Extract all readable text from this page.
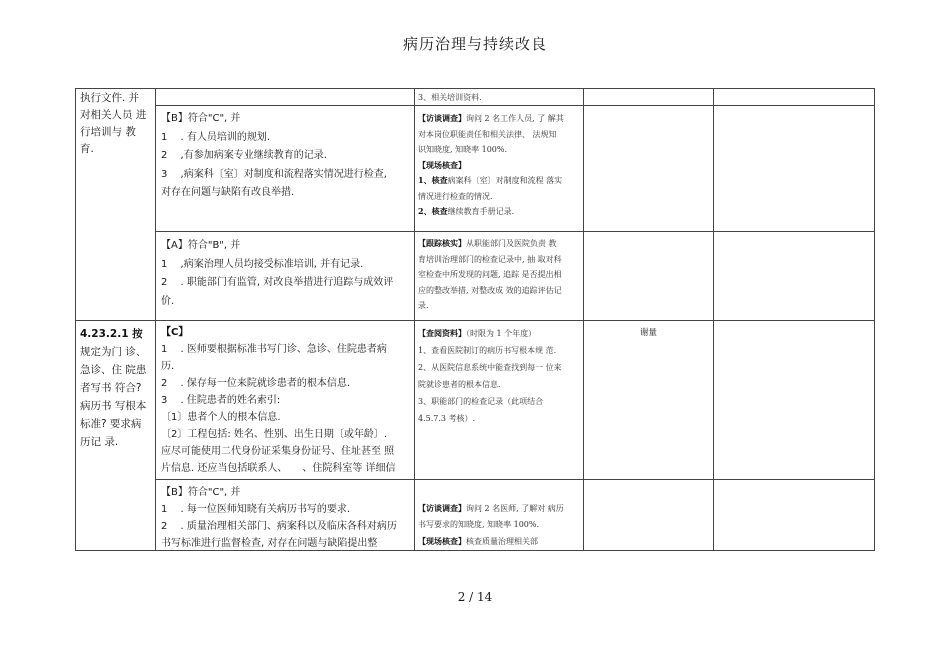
病历治理与持续改良
执行文件. 并
对相关人员 进
行培训与 教
育.
3、相关培训资料.
【B】符合"C", 并
1 　. 有人员培训的规划.
2 　,有参加病案专业继续教育的记录.
3 　,病案科〔室〕对制度和流程落实情况进行检查,
对存在问题与缺陷有改良举措.
【访谈调查】询问 2 名工作人员, 了 解其
对本岗位职能责任和相关法律、 法规知
识知晓度, 知晓率 100%.
【现场核查】
1、核查病案科〔室〕对制度和流程 落实
情况进行检查的情况.
2、核查继续教育手册记录.
【A】符合"B", 并
1 　,病案治理人员均接受标准培训, 并有记录.
2 　. 职能部门有监管, 对改良举措进行追踪与成效评
价.
【跟踪核实】从职能部门及医院负责 教
育培训治理部门的检查记录中, 抽 取对科
室检查中所发现的问题, 追踪 是否提出相
应的整改举措, 对整改成 效的追踪评估记
录.
4.23.2.1 按
规定为门 诊、
急诊、住 院患
者写书 符合?
病历书 写根本
标准? 要求病
历记 录.
【C】
1 　. 医师要根据标准书写门诊、急诊、住院患者病
历.
2 　. 保存每一位来院就诊患者的根本信息.
3 　. 住院患者的姓名索引:
〔1〕患者个人的根本信息.
〔2〕工程包括: 姓名、性别、出生日期〔或年龄〕.
应尽可能使用二代身份证采集身份证号、住址甚至 照
片信息. 还应当包括联系人、　　、住院科室等 详细信
【查阅资料】（时限为 1 个年度）
1、查看医院制订的病历书写根本规 范.
2、从医院信息系统中能查找到每一 位来
院就诊患者的根本信息.
3、职能部门的检查记录（此项结合
4.5.7.3 考核）.
谢量
【B】符合"C", 并
1 　. 每一位医师知晓有关病历书写的要求.
2 　. 质量治理相关部门、病案科以及临床各科对病历
书写标准进行监督检查, 对存在问题与缺陷提出整
【访谈调查】询问 2 名医师, 了解对 病历
书写要求的知晓度, 知晓率 100%.
【现场核查】核查质量治理相关部
2 / 14
